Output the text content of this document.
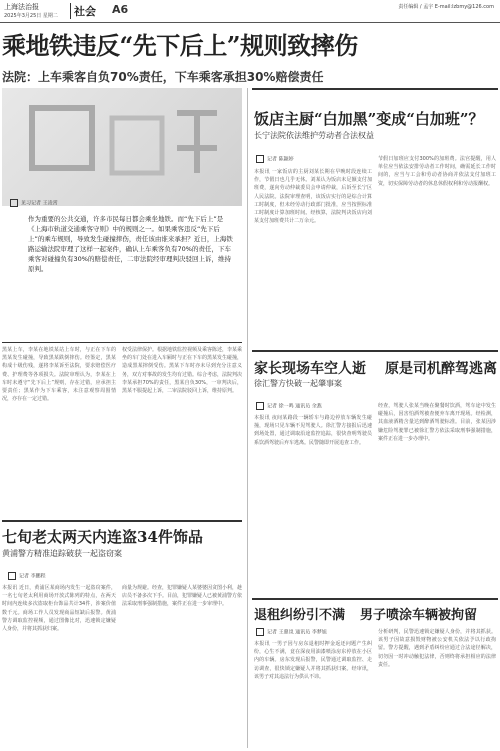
上海法治报
2025年3月25日 星期二 社会 A6	责任编辑 / 孟宇 E-mail:lzbmy@126.com
乘地铁违反“先下后上”规则致摔伤
法院：上车乘客自负70%责任，下车乘客承担30%赔偿责任
见习记者 王凌霄
作为重要的公共交通，许多市民每日都会乘坐地铁。而“先下后上”是《上海市轨道交通乘客守则》中的规则之一。如果乘客违反“先下后上”的乘车规则，导致发生碰撞摔伤，责任该由谁来承担？近日，上海铁路运输法院审理了这样一起案件，确认上车乘客负有70%的责任，下车乘客对碰撞负有30%的赔偿责任，二审法院经审理判决驳回上诉，维持原判。
黑某上车，李某在地铁某站上车时，与正在下车的黑某发生碰撞，导致黑某跌倒摔伤。经鉴定，黑某构成十级伤残，遂将李某诉至法院，要求赔偿医疗费、护理费等各项损失。法院审理认为，李某在上车时未遵守“先下后上”规则，存在过错，应承担主要责任；黑某作为下车乘客，未注意观察周围情况，亦存在一定过错。
权受法律保护。根据地铁监控视频及乘客陈述，李某乘坐的车门处在进入车厢时与正在下车的黑某发生碰撞，造成黑某摔倒受伤。黑某下车时亦未尽到充分注意义务，双方对事故的发生均有过错。综合考虑，法院判决李某承担70%的责任，黑某自负30%，一审判决后，黑某不服提起上诉，二审法院驳回上诉，维持原判。
七旬老太两天内连盗34件饰品
黄浦警方精准追踪破获一起盗窃案
记者 李鹏程
本报讯 近日，黄浦区某商场内发生一起盗窃案件，一名七旬老太利用商场开放式陈列的特点，在两天时间内连续多次盗取柜台饰品共计34件，涉案价值数千元。商场工作人员发现商品短缺后报警。黄浦警方调取监控视频，通过图像比对，迅速锁定嫌疑人身份，并将其抓获归案。
商量为规避。经查，犯罪嫌疑人某婆婆因贪图小利，趁店员不备多次下手。目前，犯罪嫌疑人已被黄浦警方依法采取刑事强制措施，案件正在进一步审理中。
饭店主厨“白加黑”变成“白加班”？
长宁法院依法维护劳动者合法权益
记者 陈颖婷
本报讯 一家饭店的主厨刘某长期在早晚时段连续工作，节假日也几乎无休。刘某认为饭店未足额支付加班费，遂向劳动仲裁委员会申请仲裁，后诉至长宁区人民法院。法院审理查明，该饭店实行的是综合计算工时制度，但未经劳动行政部门批准，应当按照标准工时制度计算加班时间。经核算，法院判决饭店向刘某支付加班费共计二万余元。
节假日加班应支付300%的加班费。法官提醒，用人单位应当依法安排劳动者工作时间，确需延长工作时间的，应当与工会和劳动者协商并依法支付加班工资，切实保障劳动者的休息休假权利和劳动报酬权。
家长现场车空人逝 原是司机醉驾逃离
徐汇警方快破一起肇事案
记者 徐一鸣 通讯员 余燕
本报讯 夜间某路段一辆轿车与路边停放车辆发生碰撞，现场只见车辆不见驾驶人。徐汇警方接报后迅速到场处置，通过调取沿途监控追踪，很快查明驾驶员系饮酒驾驶后弃车逃离。民警随即开展追查工作。
经查，驾驶人张某当晚在聚餐时饮酒，驾车途中发生碰撞后，因害怕酒驾被查便弃车离开现场。经检测，其血液酒精含量达到醉酒驾驶标准。目前，张某因涉嫌危险驾驶罪已被徐汇警方依法采取刑事强制措施，案件正在进一步办理中。
退租纠纷引不满 男子喷涂车辆被拘留
记者 王鼎岚 通讯员 李梦旭
本报讯 一男子因与房东退租时押金返还问题产生纠纷，心生不满，竟在深夜用油漆喷涂房东停放在小区内的车辆。房东发现后报警，民警通过调取监控、走访调查，很快锁定嫌疑人并将其抓获归案。经审讯，该男子对其违法行为供认不讳。
分析研判，民警迅速锁定嫌疑人身份，并将其抓获。该男子因故意损毁财物被公安机关依法予以行政拘留。警方提醒，遇到矛盾纠纷应通过合法途径解决，切勿因一时冲动触犯法律，否则终将承担相应的法律责任。
